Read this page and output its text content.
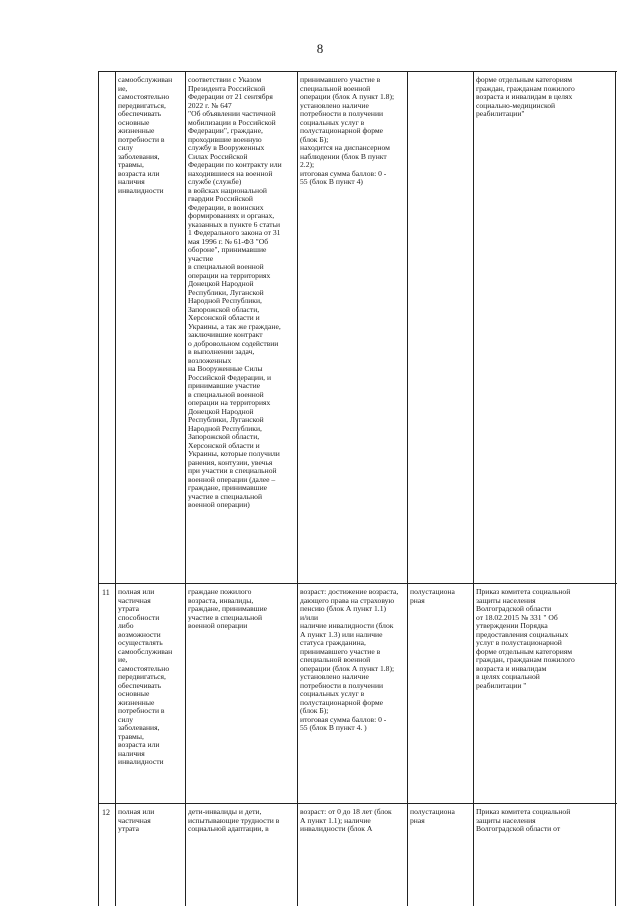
8
самообслуживан
ие,
самостоятельно
передвигаться,
обеспечивать
основные
жизненные
потребности в
силу
заболевания,
травмы,
возраста или
наличия
инвалидности
соответствии с Указом
Президента Российской
Федерации от 21 сентября
2022 г. № 647
"Об объявлении частичной
мобилизации в Российской
Федерации", граждане,
проходившие военную
службу в Вооруженных
Силах Российской
Федерации по контракту или
находившиеся на военной
службе (службе)
в войсках национальной
гвардии Российской
Федерации, в воинских
формированиях и органах,
указанных в пункте 6 статьи
1 Федерального закона от 31
мая 1996 г. № 61-ФЗ "Об
обороне", принимавшие
участие
в специальной военной
операции на территориях
Донецкой Народной
Республики, Луганской
Народной Республики,
Запорожской области,
Херсонской области и
Украины, а так же граждане,
заключившие контракт
о добровольном содействии
в выполнении задач,
возложенных
на Вооруженные Силы
Российской Федерации, и
принимавшие участие
в специальной военной
операции на территориях
Донецкой Народной
Республики, Луганской
Народной Республики,
Запорожской области,
Херсонской области и
Украины, которые получили
ранения, контузии, увечья
при участии в специальной
военной операции (далее –
граждане, принимавшие
участие в специальной
военной операции)
принимавшего участие в
специальной военной
операции (блок А пункт 1.8);
установлено наличие
потребности в получении
социальных услуг в
полустационарной форме
(блок Б);
находится на диспансерном
наблюдении (блок В пункт
2.2);
итоговая сумма баллов: 0 -
55 (блок В пункт 4)
форме отдельным категориям
граждан, гражданам пожилого
возраста и инвалидам в целях
социально-медицинской
реабилитации"
11	полная или
частичная
утрата
способности
либо
возможности
осуществлять
самообслуживан
ие,
самостоятельно
передвигаться,
обеспечивать
основные
жизненные
потребности в
силу
заболевания,
травмы,
возраста или
наличия
инвалидности
граждане пожилого
возраста, инвалиды,
граждане, принимавшие
участие в специальной
военной операции
возраст: достижение возраста,
дающего права на страховую
пенсию (блок А пункт 1.1)
и/или
наличие инвалидности (блок
А пункт 1.3) или наличие
статуса гражданина,
принимавшего участие в
специальной военной
операции (блок А пункт 1.8);
установлено наличие
потребности в получении
социальных услуг в
полустационарной форме
(блок Б);
итоговая сумма баллов: 0 -
55 (блок В пункт 4. )
полустациона
рная
Приказ комитета социальной
защиты населения
Волгоградской области
от 18.02.2015 № 331 " Об
утверждении Порядка
предоставления социальных
услуг в полустационарной
форме отдельным категориям
граждан, гражданам пожилого
возраста и инвалидам
в целях социальной
реабилитации "
12	полная или
частичная
утрата
дети-инвалиды и дети,
испытывающие трудности в
социальной адаптации, в
возраст: от 0 до 18 лет (блок
А пункт 1.1); наличие
инвалидности (блок А
полустациона
рная
Приказ комитета социальной
защиты населения
Волгоградской области от
